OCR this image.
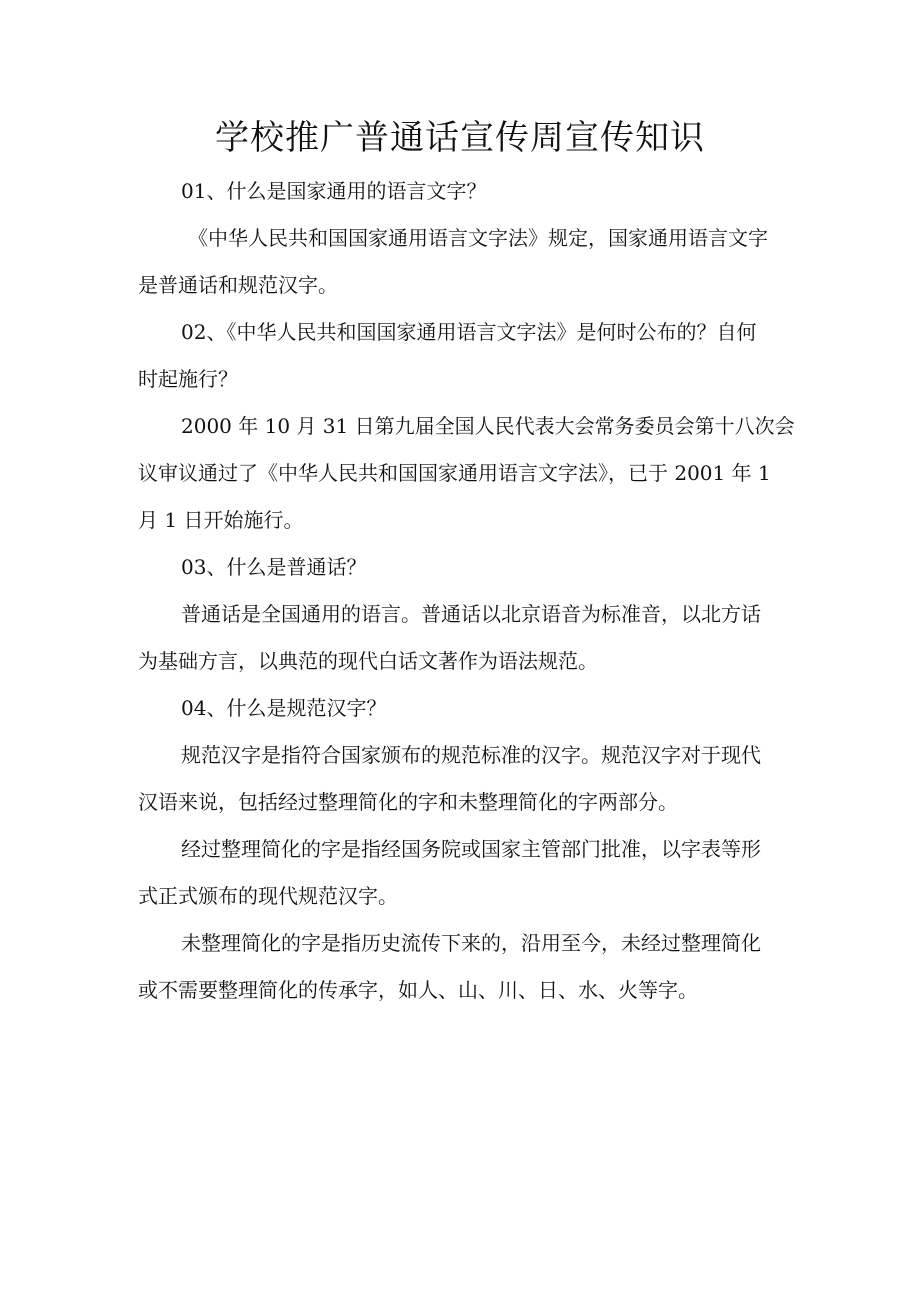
学校推广普通话宣传周宣传知识

01、什么是国家通用的语言文字？

《中华人民共和国国家通用语言文字法》规定，国家通用语言文字
是普通话和规范汉字。

02、《中华人民共和国国家通用语言文字法》是何时公布的？自何
时起施行？

2000 年 10 月 31 日第九届全国人民代表大会常务委员会第十八次会
议审议通过了《中华人民共和国国家通用语言文字法》，已于 2001 年 1
月 1 日开始施行。

03、什么是普通话？

普通话是全国通用的语言。普通话以北京语音为标准音，以北方话
为基础方言，以典范的现代白话文著作为语法规范。

04、什么是规范汉字？

规范汉字是指符合国家颁布的规范标准的汉字。规范汉字对于现代
汉语来说，包括经过整理简化的字和未整理简化的字两部分。

经过整理简化的字是指经国务院或国家主管部门批准，以字表等形
式正式颁布的现代规范汉字。

未整理简化的字是指历史流传下来的，沿用至今，未经过整理简化
或不需要整理简化的传承字，如人、山、川、日、水、火等字。
